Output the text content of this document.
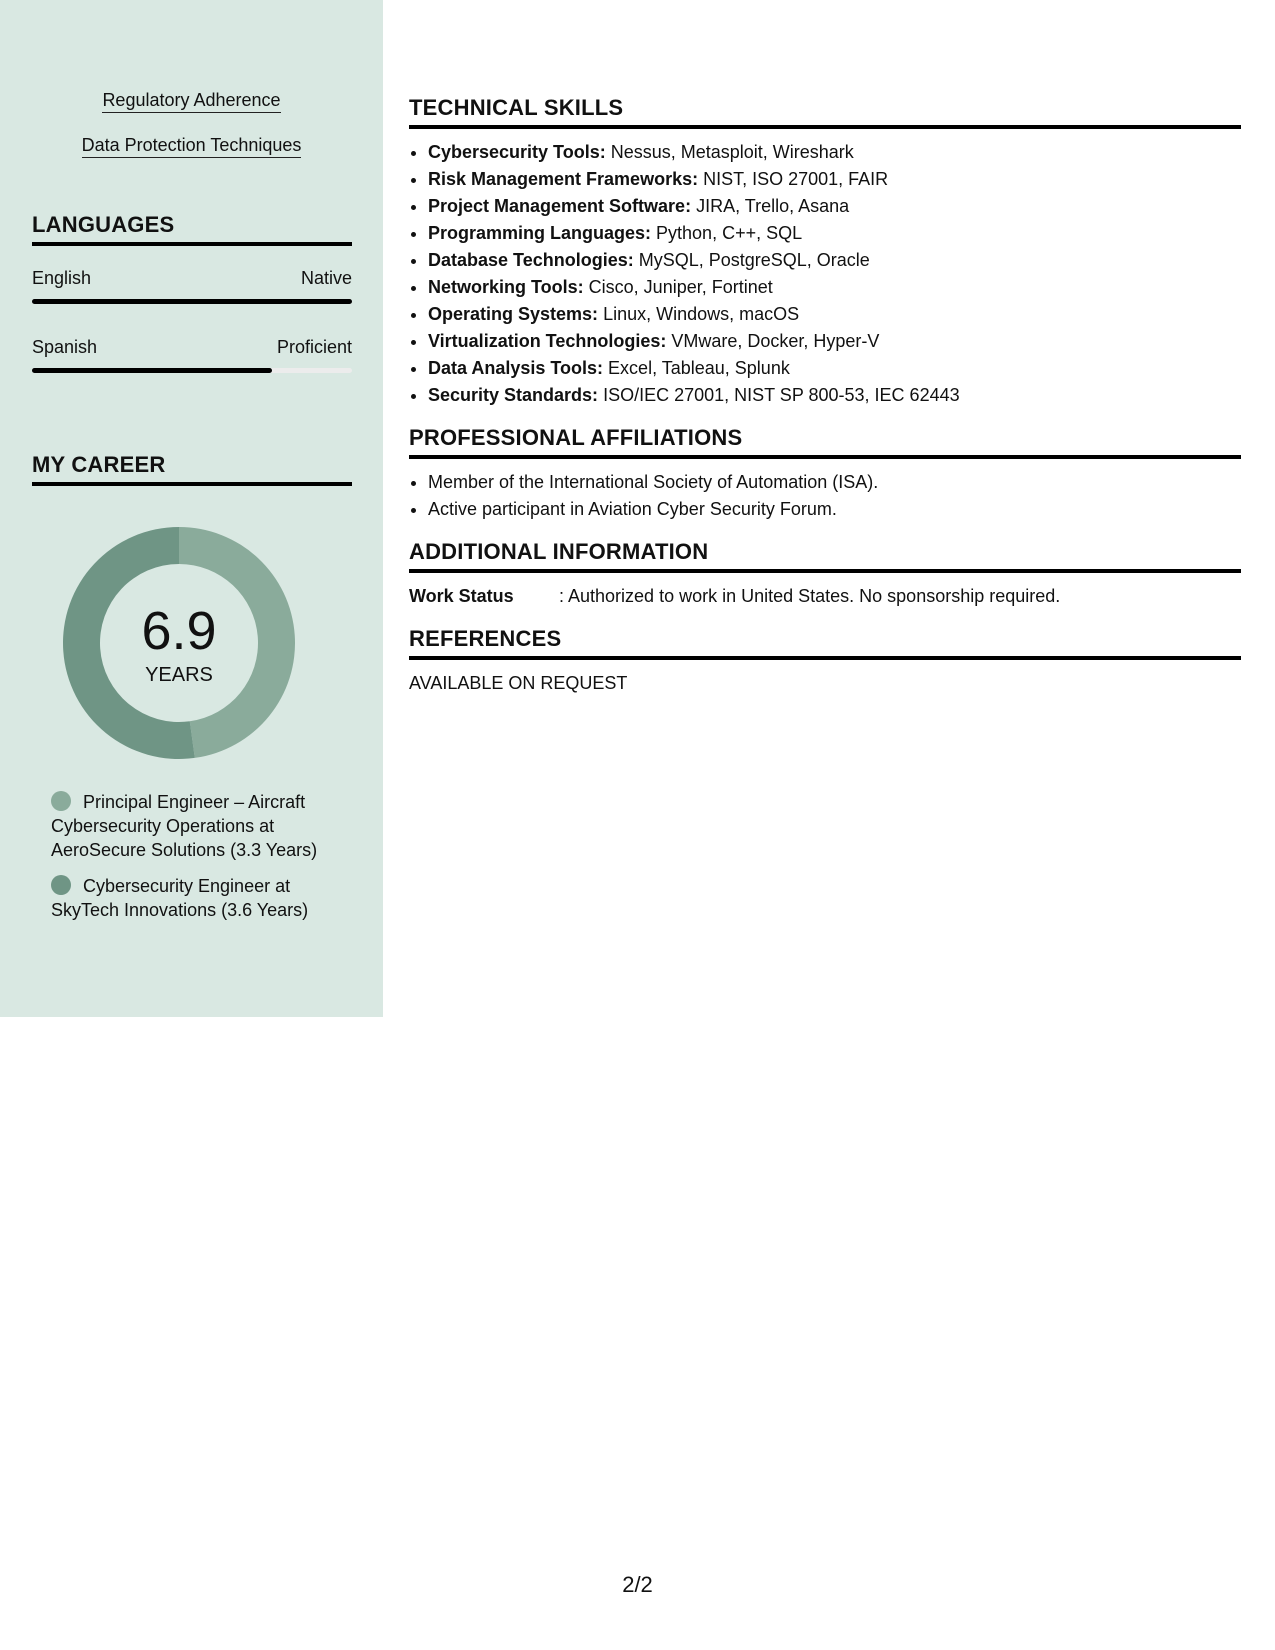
Regulatory Adherence
Data Protection Techniques
LANGUAGES
English	Native
Spanish	Proficient
MY CAREER
6.9
YEARS
Principal Engineer – Aircraft Cybersecurity Operations at AeroSecure Solutions (3.3 Years)
Cybersecurity Engineer at SkyTech Innovations (3.6 Years)
TECHNICAL SKILLS
• Cybersecurity Tools: Nessus, Metasploit, Wireshark
• Risk Management Frameworks: NIST, ISO 27001, FAIR
• Project Management Software: JIRA, Trello, Asana
• Programming Languages: Python, C++, SQL
• Database Technologies: MySQL, PostgreSQL, Oracle
• Networking Tools: Cisco, Juniper, Fortinet
• Operating Systems: Linux, Windows, macOS
• Virtualization Technologies: VMware, Docker, Hyper-V
• Data Analysis Tools: Excel, Tableau, Splunk
• Security Standards: ISO/IEC 27001, NIST SP 800-53, IEC 62443
PROFESSIONAL AFFILIATIONS
• Member of the International Society of Automation (ISA).
• Active participant in Aviation Cyber Security Forum.
ADDITIONAL INFORMATION
Work Status	: Authorized to work in United States. No sponsorship required.
REFERENCES
AVAILABLE ON REQUEST
2/2
